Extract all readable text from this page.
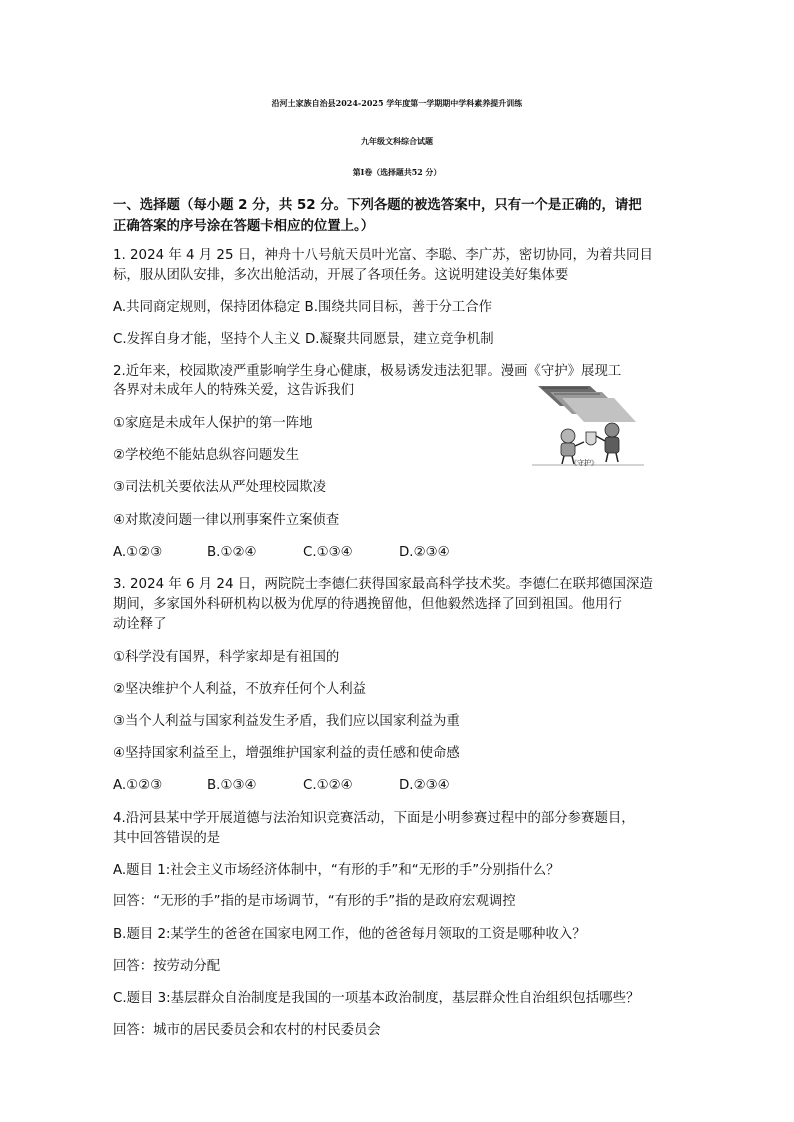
沿河土家族自治县2024-2025 学年度第一学期期中学科素养提升训练
九年级文科综合试题
第Ⅰ卷（选择题共52 分）
一、选择题（每小题 2 分，共 52 分。下列各题的被选答案中，只有一个是正确的，请把
正确答案的序号涂在答题卡相应的位置上。）
1. 2024 年 4 月 25 日，神舟十八号航天员叶光富、李聪、李广苏，密切协同，为着共同目
标，服从团队安排，多次出舱活动，开展了各项任务。这说明建设美好集体要
A.共同商定规则，保持团体稳定 B.围绕共同目标，善于分工合作
C.发挥自身才能，坚持个人主义 D.凝聚共同愿景，建立竞争机制
2.近年来，校园欺凌严重影响学生身心健康，极易诱发违法犯罪。漫画《守护》展现工
各界对未成年人的特殊关爱，这告诉我们
①家庭是未成年人保护的第一阵地
②学校绝不能姑息纵容问题发生
③司法机关要依法从严处理校园欺凌
④对欺凌问题一律以刑事案件立案侦查
A.①②③	B.①②④	C.①③④	D.②③④
《守护》
3. 2024 年 6 月 24 日，两院院士李德仁获得国家最高科学技术奖。李德仁在联邦德国深造
期间，多家国外科研机构以极为优厚的待遇挽留他，但他毅然选择了回到祖国。他用行
动诠释了
①科学没有国界，科学家却是有祖国的
②坚决维护个人利益，不放弃任何个人利益
③当个人利益与国家利益发生矛盾，我们应以国家利益为重
④坚持国家利益至上，增强维护国家利益的责任感和使命感
A.①②③	B.①③④	C.①②④	D.②③④
4.沿河县某中学开展道德与法治知识竞赛活动，下面是小明参赛过程中的部分参赛题目，
其中回答错误的是
A.题目 1:社会主义市场经济体制中，“有形的手”和“无形的手”分别指什么？
回答：“无形的手”指的是市场调节，“有形的手”指的是政府宏观调控
B.题目 2:某学生的爸爸在国家电网工作，他的爸爸每月领取的工资是哪种收入？
回答：按劳动分配
C.题目 3:基层群众自治制度是我国的一项基本政治制度，基层群众性自治组织包括哪些？
回答：城市的居民委员会和农村的村民委员会
